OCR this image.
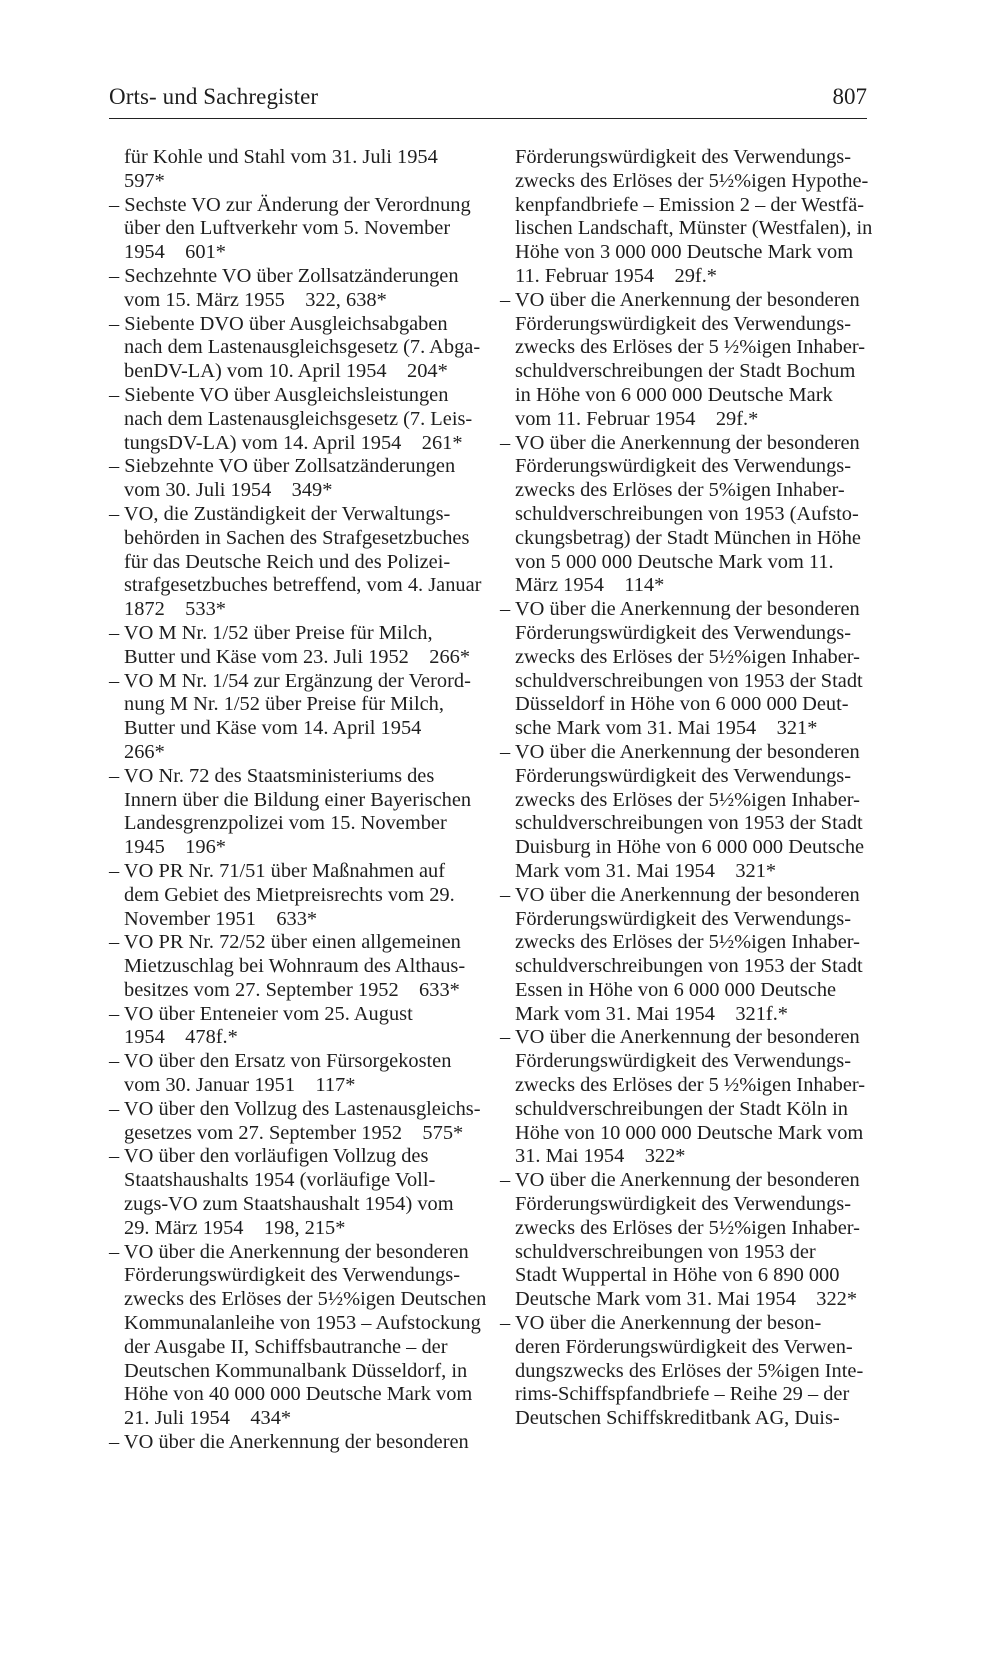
Orts- und Sachregister	807
für Kohle und Stahl vom 31. Juli 1954
597*
– Sechste VO zur Änderung der Verordnung
über den Luftverkehr vom 5. November
1954    601*
– Sechzehnte VO über Zollsatzänderungen
vom 15. März 1955    322, 638*
– Siebente DVO über Ausgleichsabgaben
nach dem Lastenausgleichsgesetz (7. Abga-
benDV-LA) vom 10. April 1954    204*
– Siebente VO über Ausgleichsleistungen
nach dem Lastenausgleichsgesetz (7. Leis-
tungsDV-LA) vom 14. April 1954    261*
– Siebzehnte VO über Zollsatzänderungen
vom 30. Juli 1954    349*
– VO, die Zuständigkeit der Verwaltungs-
behörden in Sachen des Strafgesetzbuches
für das Deutsche Reich und des Polizei-
strafgesetzbuches betreffend, vom 4. Januar
1872    533*
– VO M Nr. 1/52 über Preise für Milch,
Butter und Käse vom 23. Juli 1952    266*
– VO M Nr. 1/54 zur Ergänzung der Verord-
nung M Nr. 1/52 über Preise für Milch,
Butter und Käse vom 14. April 1954
266*
– VO Nr. 72 des Staatsministeriums des
Innern über die Bildung einer Bayerischen
Landesgrenzpolizei vom 15. November
1945    196*
– VO PR Nr. 71/51 über Maßnahmen auf
dem Gebiet des Mietpreisrechts vom 29.
November 1951    633*
– VO PR Nr. 72/52 über einen allgemeinen
Mietzuschlag bei Wohnraum des Althaus-
besitzes vom 27. September 1952    633*
– VO über Enteneier vom 25. August
1954    478f.*
– VO über den Ersatz von Fürsorgekosten
vom 30. Januar 1951    117*
– VO über den Vollzug des Lastenausgleichs-
gesetzes vom 27. September 1952    575*
– VO über den vorläufigen Vollzug des
Staatshaushalts 1954 (vorläufige Voll-
zugs-VO zum Staatshaushalt 1954) vom
29. März 1954    198, 215*
– VO über die Anerkennung der besonderen
Förderungswürdigkeit des Verwendungs-
zwecks des Erlöses der 5½%igen Deutschen
Kommunalanleihe von 1953 – Aufstockung
der Ausgabe II, Schiffsbautranche – der
Deutschen Kommunalbank Düsseldorf, in
Höhe von 40 000 000 Deutsche Mark vom
21. Juli 1954    434*
– VO über die Anerkennung der besonderen
Förderungswürdigkeit des Verwendungs-
zwecks des Erlöses der 5½%igen Hypothe-
kenpfandbriefe – Emission 2 – der Westfä-
lischen Landschaft, Münster (Westfalen), in
Höhe von 3 000 000 Deutsche Mark vom
11. Februar 1954    29f.*
– VO über die Anerkennung der besonderen
Förderungswürdigkeit des Verwendungs-
zwecks des Erlöses der 5 ½%igen Inhaber-
schuldverschreibungen der Stadt Bochum
in Höhe von 6 000 000 Deutsche Mark
vom 11. Februar 1954    29f.*
– VO über die Anerkennung der besonderen
Förderungswürdigkeit des Verwendungs-
zwecks des Erlöses der 5%igen Inhaber-
schuldverschreibungen von 1953 (Aufsto-
ckungsbetrag) der Stadt München in Höhe
von 5 000 000 Deutsche Mark vom 11.
März 1954    114*
– VO über die Anerkennung der besonderen
Förderungswürdigkeit des Verwendungs-
zwecks des Erlöses der 5½%igen Inhaber-
schuldverschreibungen von 1953 der Stadt
Düsseldorf in Höhe von 6 000 000 Deut-
sche Mark vom 31. Mai 1954    321*
– VO über die Anerkennung der besonderen
Förderungswürdigkeit des Verwendungs-
zwecks des Erlöses der 5½%igen Inhaber-
schuldverschreibungen von 1953 der Stadt
Duisburg in Höhe von 6 000 000 Deutsche
Mark vom 31. Mai 1954    321*
– VO über die Anerkennung der besonderen
Förderungswürdigkeit des Verwendungs-
zwecks des Erlöses der 5½%igen Inhaber-
schuldverschreibungen von 1953 der Stadt
Essen in Höhe von 6 000 000 Deutsche
Mark vom 31. Mai 1954    321f.*
– VO über die Anerkennung der besonderen
Förderungswürdigkeit des Verwendungs-
zwecks des Erlöses der 5 ½%igen Inhaber-
schuldverschreibungen der Stadt Köln in
Höhe von 10 000 000 Deutsche Mark vom
31. Mai 1954    322*
– VO über die Anerkennung der besonderen
Förderungswürdigkeit des Verwendungs-
zwecks des Erlöses der 5½%igen Inhaber-
schuldverschreibungen von 1953 der
Stadt Wuppertal in Höhe von 6 890 000
Deutsche Mark vom 31. Mai 1954    322*
– VO über die Anerkennung der beson-
deren Förderungswürdigkeit des Verwen-
dungszwecks des Erlöses der 5%igen Inte-
rims-Schiffspfandbriefe – Reihe 29 – der
Deutschen Schiffskreditbank AG, Duis-
